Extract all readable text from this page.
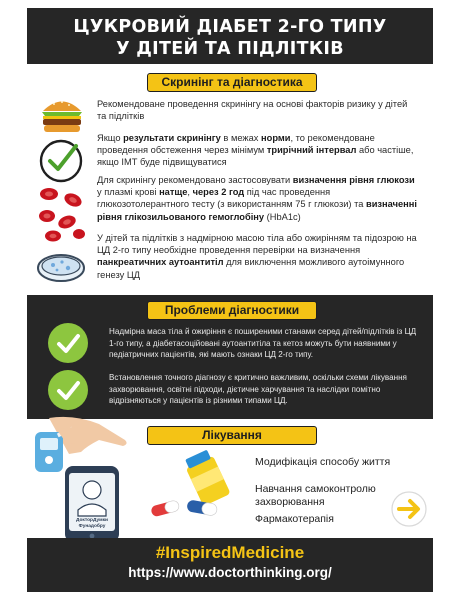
ЦУКРОВИЙ ДІАБЕТ 2-ГО ТИПУ
У ДІТЕЙ ТА ПІДЛІТКІВ
Скринінг та діагностика
Рекомендоване проведення скринінгу на основі факторів ризику у дітей та підлітків
Якщо результати скринінгу в межах норми, то рекомендоване проведення обстеження через мінімум трирічний інтервал або частіше, якщо ІМТ буде підвищуватися
Для скринінгу рекомендовано застосовувати визначення рівня глюкози у плазмі крові натще, через 2 год під час проведення глюкозотолерантного тесту (з використанням 75 г глюкози) та визначенні рівня глікозильованого гемоглобіну (HbA1c)
У дітей та підлітків з надмірною масою тіла або ожирінням та підозрою на ЦД 2-го типу необхідне проведення перевірки на визначення панкреатичних аутоантитіл для виключення можливого аутоімунного генезу ЦД
Проблеми діагностики
Надмірна маса тіла й ожиріння є поширеними станами серед дітей/підлітків із ЦД 1-го типу, а діабетасоційовані аутоантитіла та кетоз можуть бути наявними у педіатричних пацієнтів, які мають ознаки ЦД 2-го типу.
Встановлення точного діагнозу є критично важливим, оскільки схеми лікування захворювання, освітні підходи, дієтичне харчування та наслідки помітно відрізняються у пацієнтів із різними типами ЦД.
Лікування
ДокторДумки Фунадобру
Модифікація способу життя
Навчання самоконтролю захворювання
Фармакотерапія
#InspiredMedicine
https://www.doctorthinking.org/
